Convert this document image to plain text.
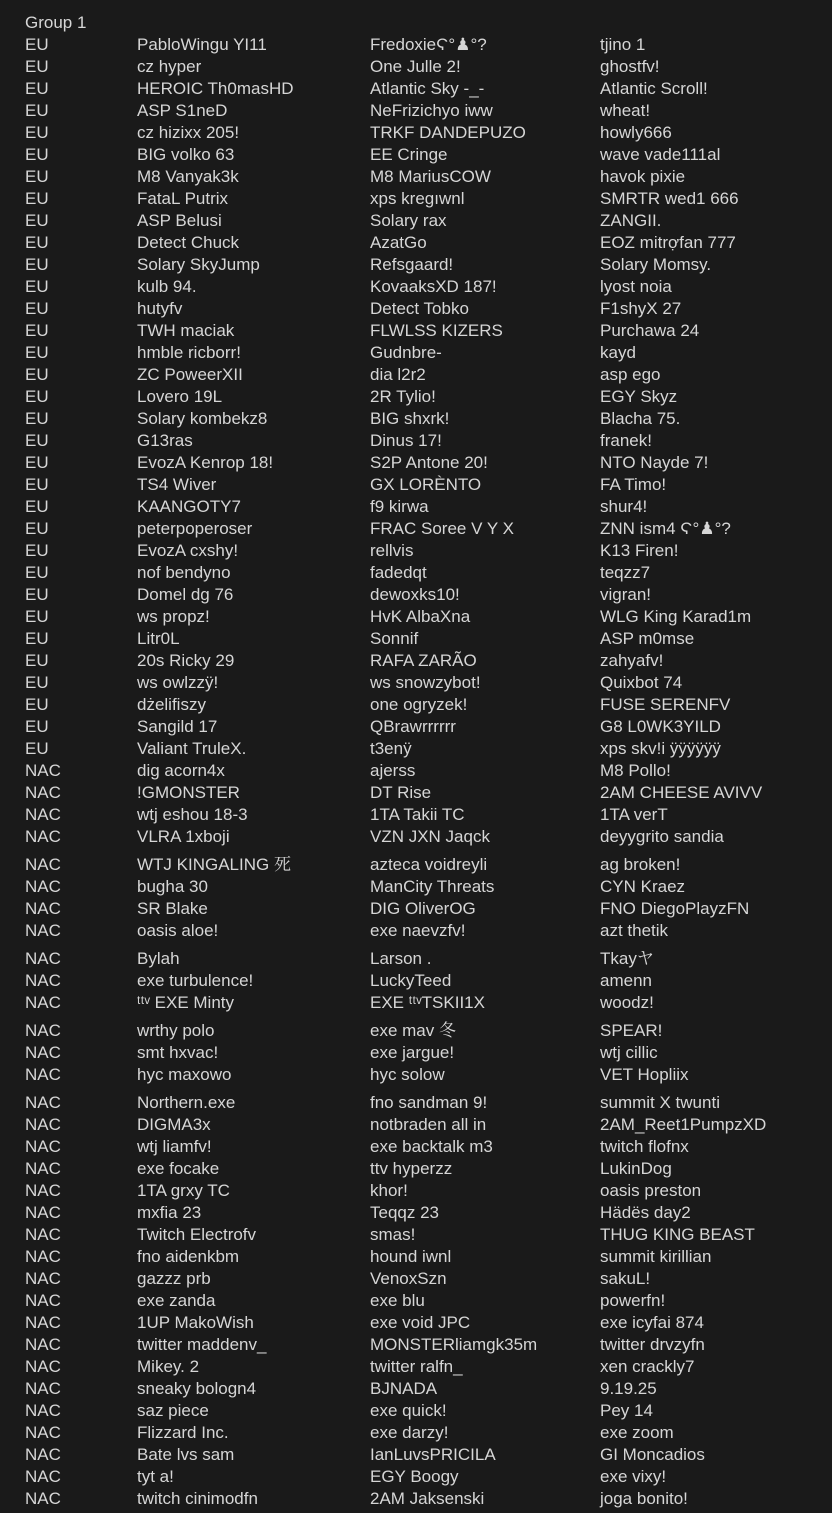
Group 1
EU	PabloWingu YI11	FredoxieϚ°♟°?	tjino 1
EU	cz hyper	One Julle 2!	ghostfv!
EU	HEROIC Th0masHD	Atlantic Sky -_-	Atlantic Scroll!
EU	ASP S1neD	NeFrizichyo iww	wheat!
EU	cz hizixx 205!	TRKF DANDEPUZO	howly666
EU	BIG volko 63	EE Cringe	wave vade111al
EU	M8 Vanyak3k	M8 MariusCOW	havok pixie
EU	FataL Putrix	xps kregıwnl	SMRTR wed1 666
EU	ASP Belusi	Solary rax	ZANGII.
EU	Detect Chuck	AzatGo	EOZ mitrợfan 777
EU	Solary SkyJump	Refsgaard!	Solary Momsy.
EU	kulb 94.	KovaaksXD 187!	lyost noia
EU	hutyfv	Detect Tobko	F1shyX 27
EU	TWH maciak	FLWLSS KIZERS	Purchawa 24
EU	hmble ricborr!	Gudnbre-	kayd
EU	ZC PoweerXII	dia l2r2	asp ego
EU	Lovero 19L	2R Tylio!	EGY Skyz
EU	Solary kombekz8	BIG shxrk!	Blacha 75.
EU	G13ras	Dinus 17!	franek!
EU	EvozA Kenrop 18!	S2P Antone 20!	NTO Nayde 7!
EU	TS4 Wiver	GX LORÈNTO	FA Timo!
EU	KAANGOTY7	f9 kirwa	shur4!
EU	peterpoperoser	FRAC Soree V Y X	ZNN ism4 Ϛ°♟°?
EU	EvozA cxshy!	rellvis	K13 Firen!
EU	nof bendyno	fadedqt	teqzz7
EU	Domel dg 76	dewoxks10!	vigran!
EU	ws propz!	HvK AlbaXna	WLG King Karad1m
EU	Litr0L	Sonnif	ASP m0mse
EU	20s Ricky 29	RAFA ZARÃO	zahyafv!
EU	ws owlzzÿ!	ws snowzybot!	Quixbot 74
EU	dżelifiszy	one ogryzek!	FUSE SERENFV
EU	Sangild 17	QBrawrrrrrr	G8 L0WK3YILD
EU	Valiant TruleX.	t3enÿ	xps skv!i ÿÿÿÿÿÿ
NAC	dig acorn4x	ajerss	M8 Pollo!
NAC	!GMONSTER	DT Rise	2AM CHEESE AVIVV
NAC	wtj eshou 18-3	1TA Takii TC	1TA verT
NAC	VLRA 1xboji	VZN JXN Jaqck	deyygrito sandia
NAC	WTJ KINGALING 死	azteca voidreyli	ag broken!
NAC	bugha 30	ManCity Threats	CYN Kraez
NAC	SR Blake	DIG OliverOG	FNO DiegoPlayzFN
NAC	oasis aloe!	exe naevzfv!	azt thetik
NAC	Bylah	Larson .	Tkayヤ
NAC	exe turbulence!	LuckyTeed	amenn
NAC	ᵗᵗᵛ EXE Minty	EXE ᵗᵗᵛTSKII1X	woodz!
NAC	wrthy polo	exe mav 冬	SPEAR!
NAC	smt hxvac!	exe jargue!	wtj cillic
NAC	hyc maxowo	hyc solow	VET Hopliix
NAC	Northern.exe	fno sandman 9!	summit X twunti
NAC	DIGMA3x	notbraden all in	2AM_Reet1PumpzXD
NAC	wtj liamfv!	exe backtalk m3	twitch flofnx
NAC	exe focake	ttv hyperzz	LukinDog
NAC	1TA grxy TC	khor!	oasis preston
NAC	mxfia 23	Teqqz 23	Hädës day2
NAC	Twitch Electrofv	smas!	THUG KING BEAST
NAC	fno aidenkbm	hound iwnl	summit kirillian
NAC	gazzz prb	VenoxSzn	sakuL!
NAC	exe zanda	exe blu	powerfn!
NAC	1UP MakoWish	exe void JPC	exe icyfai 874
NAC	twitter maddenv_	MONSTERliamgk35m	twitter drvzyfn
NAC	Mikey. 2	twitter ralfn_	xen crackly7
NAC	sneaky bologn4	BJNADA	9.19.25
NAC	saz piece	exe quick!	Pey 14
NAC	Flizzard Inc.	exe darzy!	exe zoom
NAC	Bate lvs sam	IanLuvsPRICILA	GI Moncadios
NAC	tyt a!	EGY Boogy	exe vixy!
NAC	twitch cinimodfn	2AM Jaksenski	joga bonito!
